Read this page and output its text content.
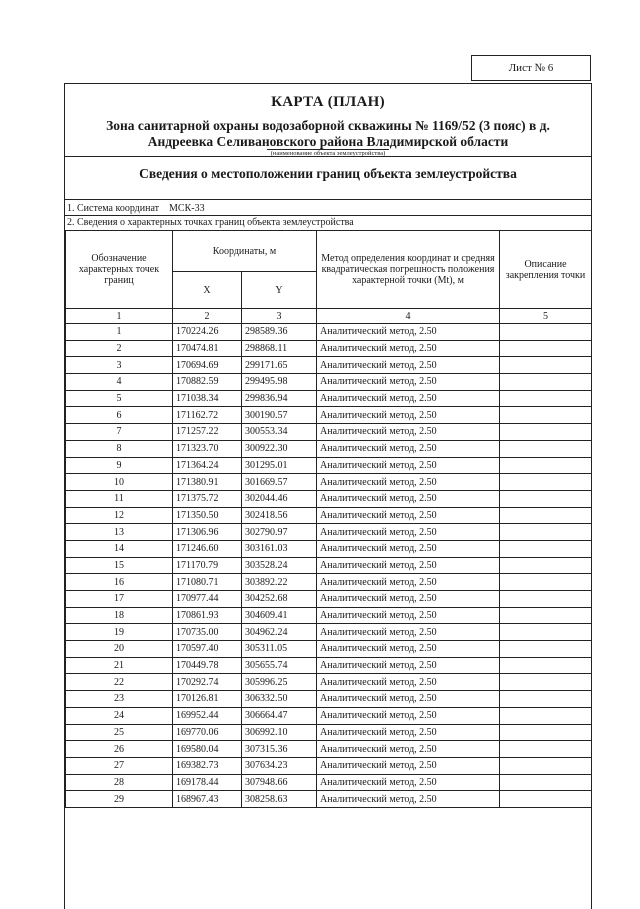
Лист № 6
КАРТА (ПЛАН)
Зона санитарной охраны водозаборной скважины № 1169/52 (3 пояс) в д.
Андреевка Селивановского района Владимирской области
(наименование объекта землеустройства)
Сведения о местоположении границ объекта землеустройства
1. Система координат МСК-33
2. Сведения о характерных точках границ объекта землеустройства
Обозначение характерных точек границ	Координаты, м		Метод определения координат и средняя квадратическая погрешность положения характерной точки (Mt), м	Описание закрепления точки
	X	Y		
1	2	3	4	5
1	170224.26	298589.36	Аналитический метод, 2.50	
2	170474.81	298868.11	Аналитический метод, 2.50	
3	170694.69	299171.65	Аналитический метод, 2.50	
4	170882.59	299495.98	Аналитический метод, 2.50	
5	171038.34	299836.94	Аналитический метод, 2.50	
6	171162.72	300190.57	Аналитический метод, 2.50	
7	171257.22	300553.34	Аналитический метод, 2.50	
8	171323.70	300922.30	Аналитический метод, 2.50	
9	171364.24	301295.01	Аналитический метод, 2.50	
10	171380.91	301669.57	Аналитический метод, 2.50	
11	171375.72	302044.46	Аналитический метод, 2.50	
12	171350.50	302418.56	Аналитический метод, 2.50	
13	171306.96	302790.97	Аналитический метод, 2.50	
14	171246.60	303161.03	Аналитический метод, 2.50	
15	171170.79	303528.24	Аналитический метод, 2.50	
16	171080.71	303892.22	Аналитический метод, 2.50	
17	170977.44	304252.68	Аналитический метод, 2.50	
18	170861.93	304609.41	Аналитический метод, 2.50	
19	170735.00	304962.24	Аналитический метод, 2.50	
20	170597.40	305311.05	Аналитический метод, 2.50	
21	170449.78	305655.74	Аналитический метод, 2.50	
22	170292.74	305996.25	Аналитический метод, 2.50	
23	170126.81	306332.50	Аналитический метод, 2.50	
24	169952.44	306664.47	Аналитический метод, 2.50	
25	169770.06	306992.10	Аналитический метод, 2.50	
26	169580.04	307315.36	Аналитический метод, 2.50	
27	169382.73	307634.23	Аналитический метод, 2.50	
28	169178.44	307948.66	Аналитический метод, 2.50	
29	168967.43	308258.63	Аналитический метод, 2.50	
